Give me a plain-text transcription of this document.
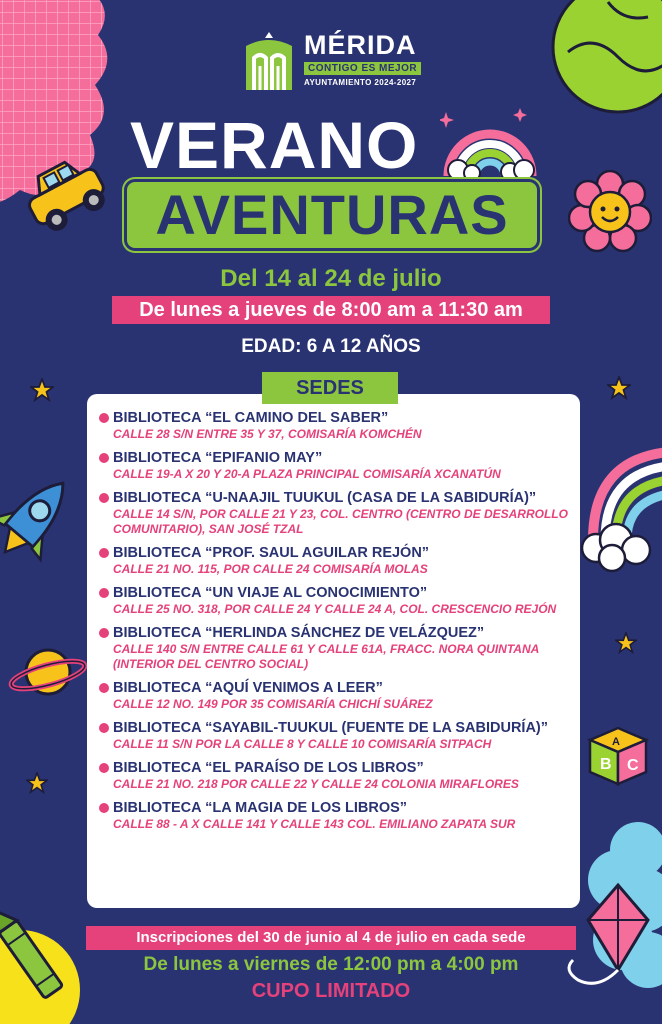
B C
A
MÉRIDA
CONTIGO ES MEJOR
AYUNTAMIENTO 2024-2027
VERANO
AVENTURAS
Del 14 al 24 de julio
De lunes a jueves de 8:00 am a 11:30 am
EDAD: 6 A 12 AÑOS
BIBLIOTECA “EL CAMINO DEL SABER”
CALLE 28 S/N ENTRE 35 Y 37, COMISARÍA KOMCHÉN
BIBLIOTECA “EPIFANIO MAY”
CALLE 19-A X 20 Y 20-A PLAZA PRINCIPAL COMISARÍA XCANATÚN
BIBLIOTECA “U-NAAJIL TUUKUL (CASA DE LA SABIDURÍA)”
CALLE 14 S/N, POR CALLE 21 Y 23, COL. CENTRO (CENTRO DE DESARROLLO COMUNITARIO), SAN JOSÉ TZAL
BIBLIOTECA “PROF. SAUL AGUILAR REJÓN”
CALLE 21 NO. 115, POR CALLE 24 COMISARÍA MOLAS
BIBLIOTECA “UN VIAJE AL CONOCIMIENTO”
CALLE 25 NO. 318, POR CALLE 24 Y CALLE 24 A, COL. CRESCENCIO REJÓN
BIBLIOTECA “HERLINDA SÁNCHEZ DE VELÁZQUEZ”
CALLE 140 S/N ENTRE CALLE 61 Y CALLE 61A, FRACC. NORA QUINTANA (INTERIOR DEL CENTRO SOCIAL)
BIBLIOTECA “AQUÍ VENIMOS A LEER”
CALLE 12 NO. 149 POR 35 COMISARÍA CHICHÍ SUÁREZ
BIBLIOTECA “SAYABIL-TUUKUL (FUENTE DE LA SABIDURÍA)”
CALLE 11 S/N POR LA CALLE 8 Y CALLE 10 COMISARÍA SITPACH
BIBLIOTECA “EL PARAÍSO DE LOS LIBROS”
CALLE 21 NO. 218 POR CALLE 22 Y CALLE 24 COLONIA MIRAFLORES
BIBLIOTECA “LA MAGIA DE LOS LIBROS”
CALLE 88 - A X CALLE 141 Y CALLE 143 COL. EMILIANO ZAPATA SUR
SEDES
Inscripciones del 30 de junio al 4 de julio en cada sede
De lunes a viernes de 12:00 pm a 4:00 pm
CUPO LIMITADO
